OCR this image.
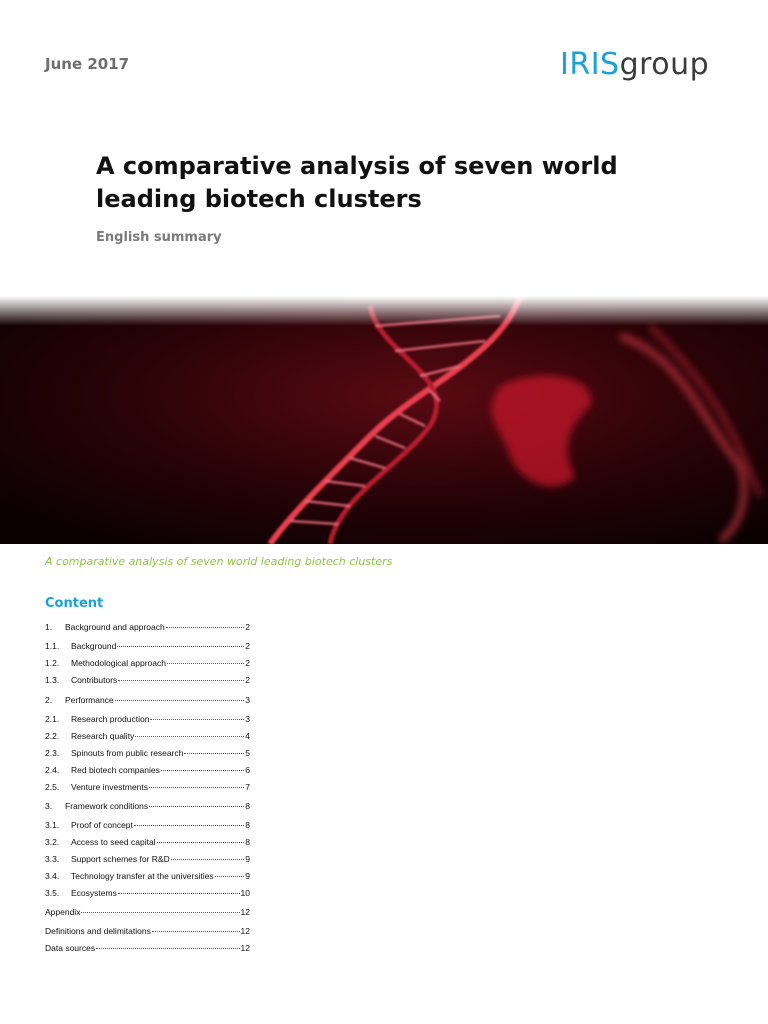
June 2017	IRISgroup
A comparative analysis of seven world leading biotech clusters
English summary
A comparative analysis of seven world leading biotech clusters
Content
1.	Background and approach	2
1.1.	Background	2
1.2.	Methodological approach	2
1.3.	Contributors	2
2.	Performance	3
2.1.	Research production	3
2.2.	Research quality	4
2.3.	Spinouts from public research	5
2.4.	Red biotech companies	6
2.5.	Venture investments	7
3.	Framework conditions	8
3.1.	Proof of concept	8
3.2.	Access to seed capital	8
3.3.	Support schemes for R&D	9
3.4.	Technology transfer at the universities	9
3.5.	Ecosystems	10
Appendix	12
Definitions and delimitations	12
Data sources	12
